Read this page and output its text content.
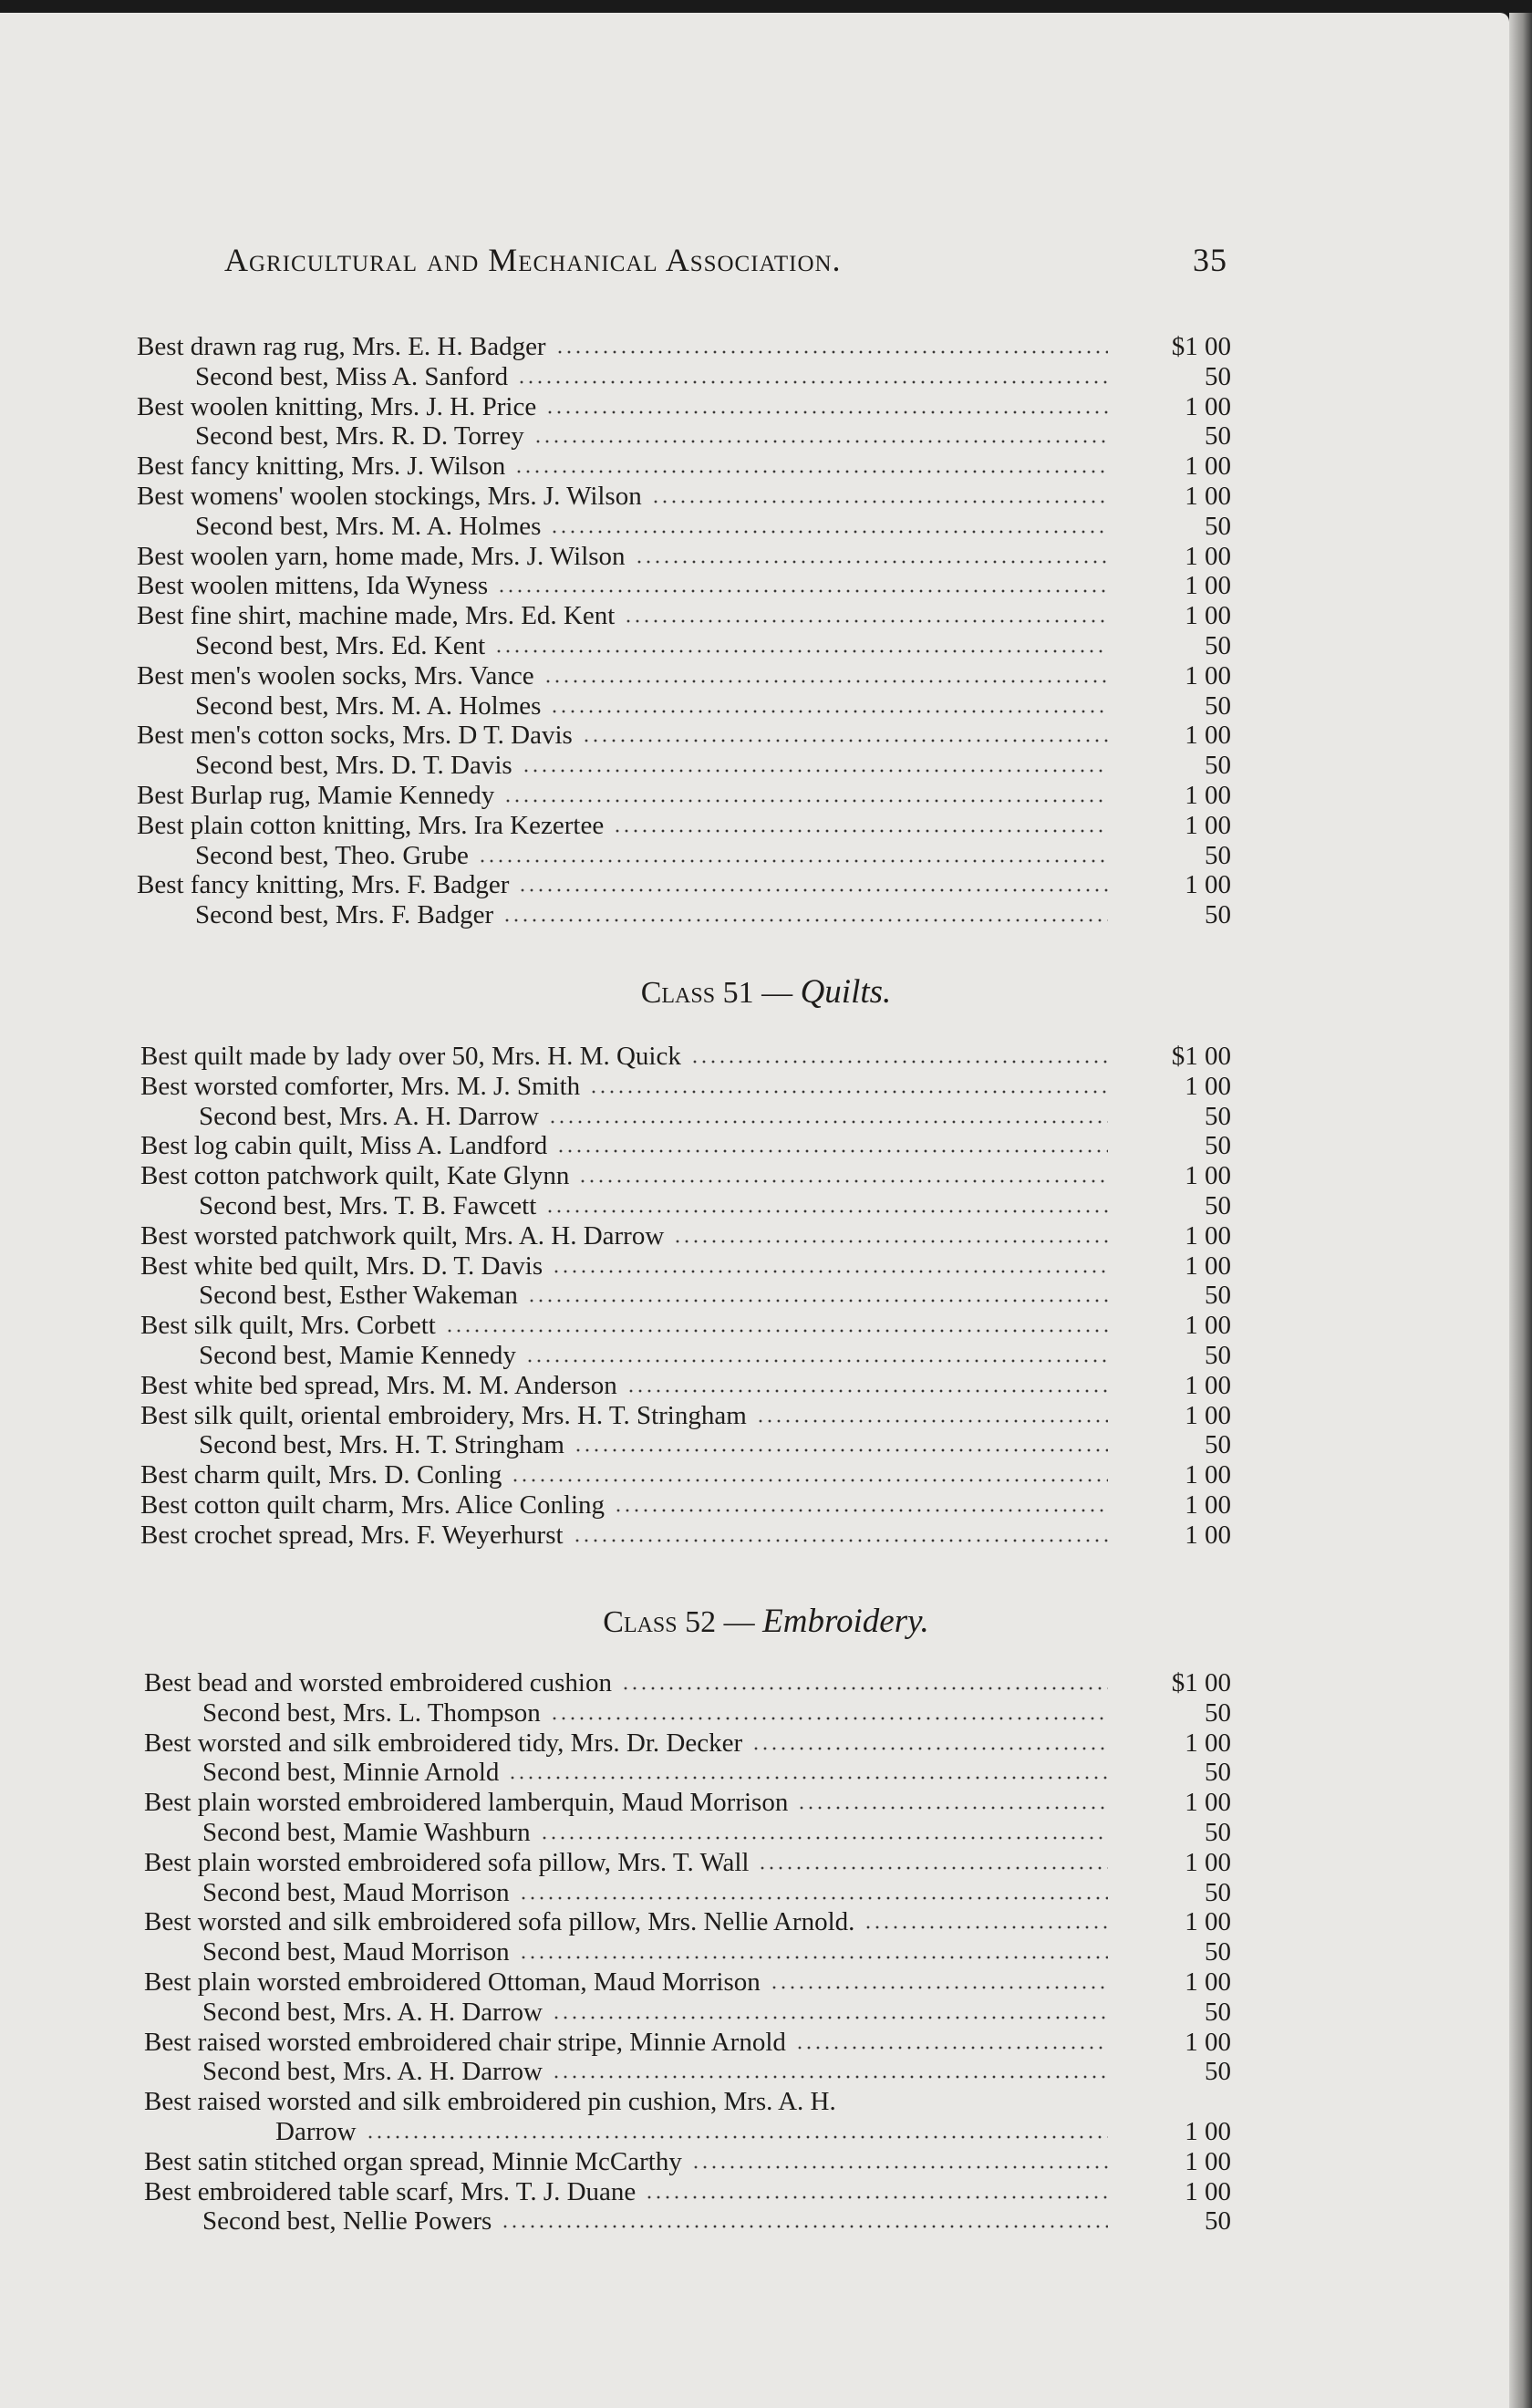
Agricultural and Mechanical Association.	35
Best drawn rag rug, Mrs. E. H. Badger	$1 00
Second best, Miss A. Sanford	50
Best woolen knitting, Mrs. J. H. Price	1 00
Second best, Mrs. R. D. Torrey	50
Best fancy knitting, Mrs. J. Wilson	1 00
Best womens' woolen stockings, Mrs. J. Wilson	1 00
Second best, Mrs. M. A. Holmes	50
Best woolen yarn, home made, Mrs. J. Wilson	1 00
Best woolen mittens, Ida Wyness	1 00
Best fine shirt, machine made, Mrs. Ed. Kent	1 00
Second best, Mrs. Ed. Kent	50
Best men's woolen socks, Mrs. Vance	1 00
Second best, Mrs. M. A. Holmes	50
Best men's cotton socks, Mrs. D T. Davis	1 00
Second best, Mrs. D. T. Davis	50
Best Burlap rug, Mamie Kennedy	1 00
Best plain cotton knitting, Mrs. Ira Kezertee	1 00
Second best, Theo. Grube	50
Best fancy knitting, Mrs. F. Badger	1 00
Second best, Mrs. F. Badger	50
Class 51 — Quilts.
Best quilt made by lady over 50, Mrs. H. M. Quick	$1 00
Best worsted comforter, Mrs. M. J. Smith	1 00
Second best, Mrs. A. H. Darrow	50
Best log cabin quilt, Miss A. Landford	50
Best cotton patchwork quilt, Kate Glynn	1 00
Second best, Mrs. T. B. Fawcett	50
Best worsted patchwork quilt, Mrs. A. H. Darrow	1 00
Best white bed quilt, Mrs. D. T. Davis	1 00
Second best, Esther Wakeman	50
Best silk quilt, Mrs. Corbett	1 00
Second best, Mamie Kennedy	50
Best white bed spread, Mrs. M. M. Anderson	1 00
Best silk quilt, oriental embroidery, Mrs. H. T. Stringham	1 00
Second best, Mrs. H. T. Stringham	50
Best charm quilt, Mrs. D. Conling	1 00
Best cotton quilt charm, Mrs. Alice Conling	1 00
Best crochet spread, Mrs. F. Weyerhurst	1 00
Class 52 — Embroidery.
Best bead and worsted embroidered cushion	$1 00
Second best, Mrs. L. Thompson	50
Best worsted and silk embroidered tidy, Mrs. Dr. Decker	1 00
Second best, Minnie Arnold	50
Best plain worsted embroidered lamberquin, Maud Morrison	1 00
Second best, Mamie Washburn	50
Best plain worsted embroidered sofa pillow, Mrs. T. Wall	1 00
Second best, Maud Morrison	50
Best worsted and silk embroidered sofa pillow, Mrs. Nellie Arnold.	1 00
Second best, Maud Morrison	50
Best plain worsted embroidered Ottoman, Maud Morrison	1 00
Second best, Mrs. A. H. Darrow	50
Best raised worsted embroidered chair stripe, Minnie Arnold	1 00
Second best, Mrs. A. H. Darrow	50
Best raised worsted and silk embroidered pin cushion, Mrs. A. H.
Darrow	1 00
Best satin stitched organ spread, Minnie McCarthy	1 00
Best embroidered table scarf, Mrs. T. J. Duane	1 00
Second best, Nellie Powers	50
